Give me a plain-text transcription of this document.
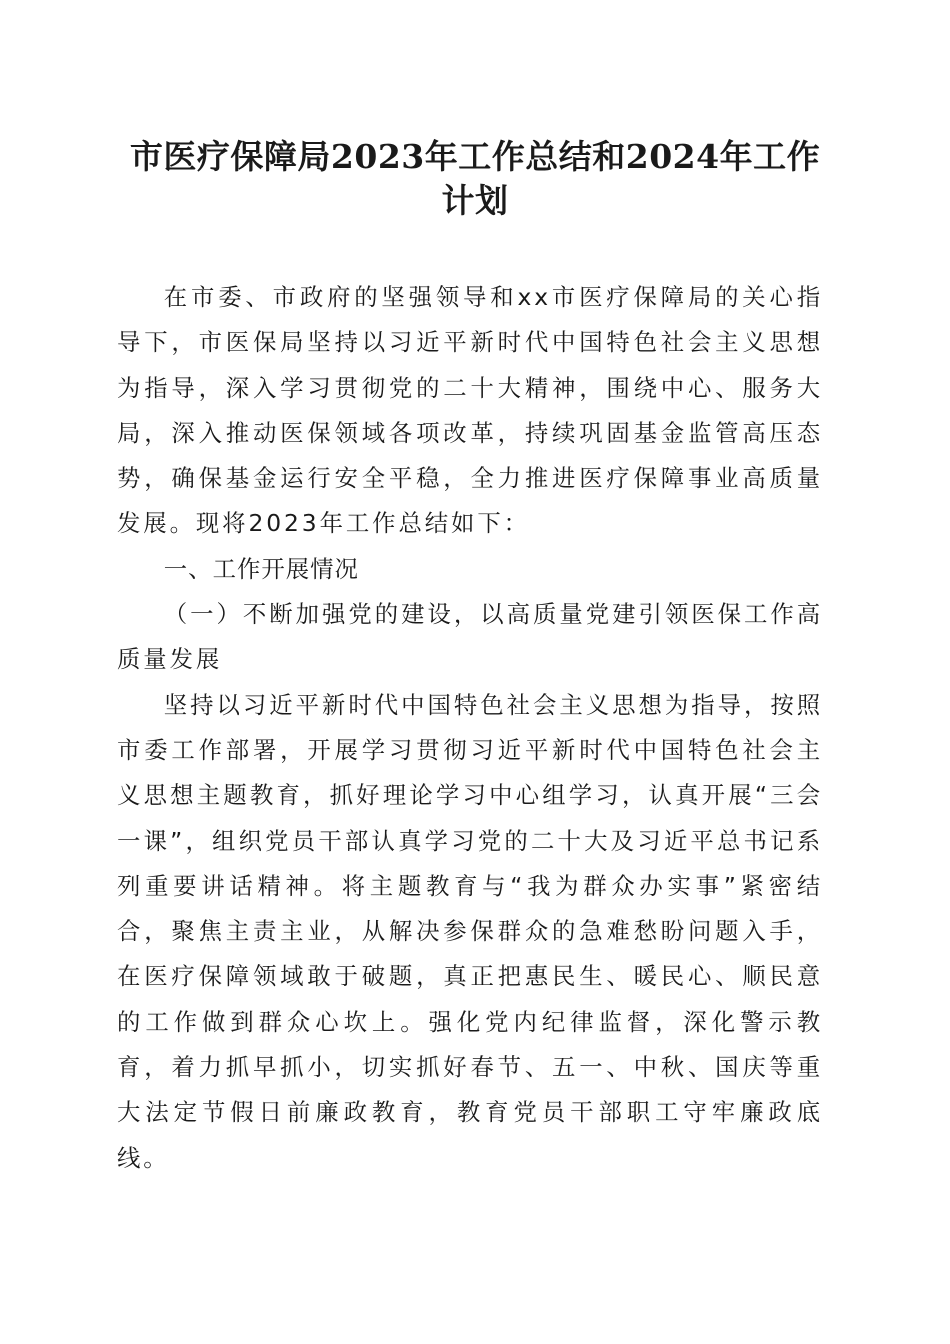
市医疗保障局2023年工作总结和2024年工作
计划

在市委、市政府的坚强领导和xx市医疗保障局的关心指导下，市医保局坚持以习近平新时代中国特色社会主义思想为指导，深入学习贯彻党的二十大精神，围绕中心、服务大局，深入推动医保领域各项改革，持续巩固基金监管高压态势，确保基金运行安全平稳，全力推进医疗保障事业高质量发展。现将2023年工作总结如下：

一、工作开展情况
（一）不断加强党的建设，以高质量党建引领医保工作高质量发展

坚持以习近平新时代中国特色社会主义思想为指导，按照市委工作部署，开展学习贯彻习近平新时代中国特色社会主义思想主题教育，抓好理论学习中心组学习，认真开展“三会一课”，组织党员干部认真学习党的二十大及习近平总书记系列重要讲话精神。将主题教育与“我为群众办实事”紧密结合，聚焦主责主业，从解决参保群众的急难愁盼问题入手，在医疗保障领域敢于破题，真正把惠民生、暖民心、顺民意的工作做到群众心坎上。强化党内纪律监督，深化警示教育，着力抓早抓小，切实抓好春节、五一、中秋、国庆等重大法定节假日前廉政教育，教育党员干部职工守牢廉政底线。
